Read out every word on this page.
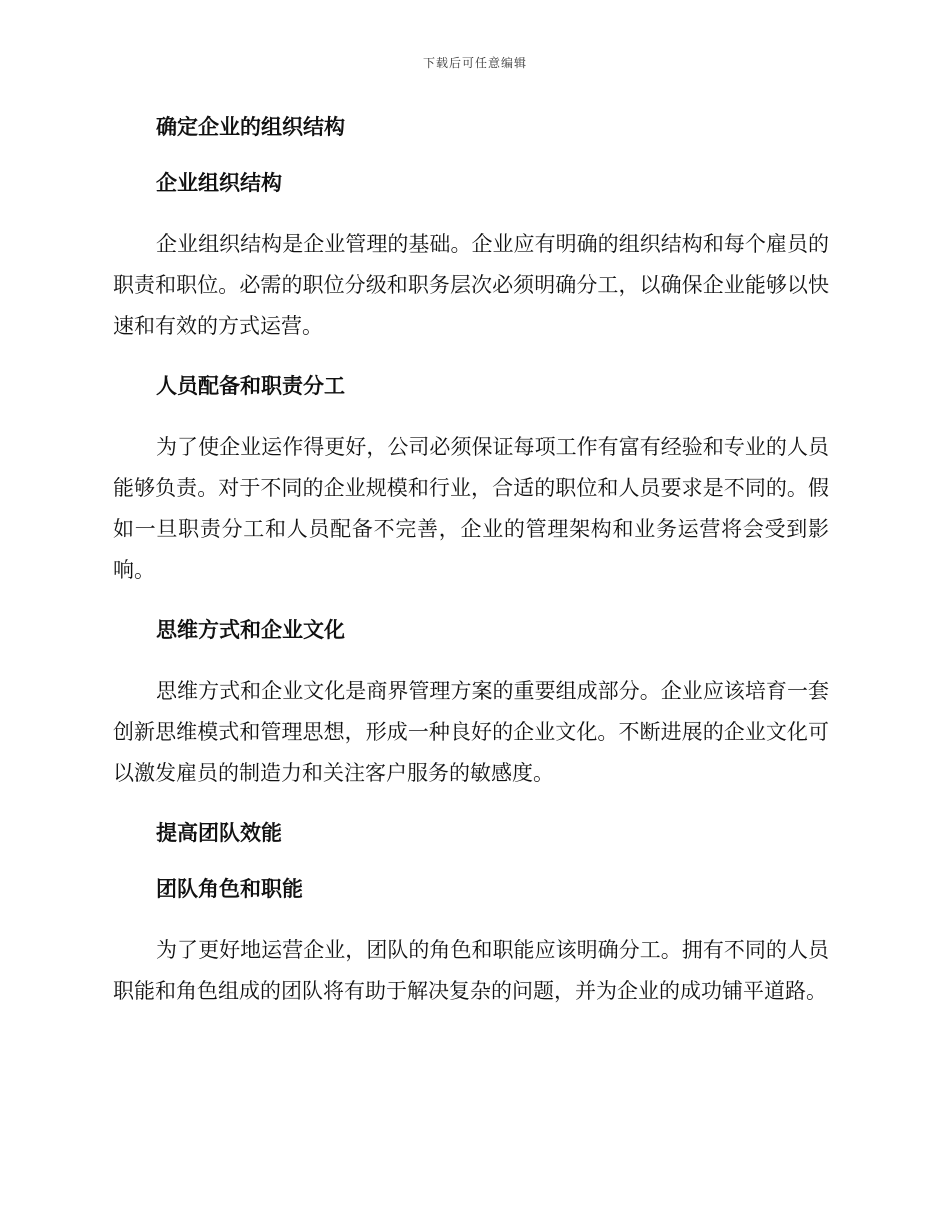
下载后可任意编辑
确定企业的组织结构
企业组织结构
企业组织结构是企业管理的基础。企业应有明确的组织结构和每个雇员的职责和职位。必需的职位分级和职务层次必须明确分工，以确保企业能够以快速和有效的方式运营。
人员配备和职责分工
为了使企业运作得更好，公司必须保证每项工作有富有经验和专业的人员能够负责。对于不同的企业规模和行业，合适的职位和人员要求是不同的。假如一旦职责分工和人员配备不完善，企业的管理架构和业务运营将会受到影响。
思维方式和企业文化
思维方式和企业文化是商界管理方案的重要组成部分。企业应该培育一套创新思维模式和管理思想，形成一种良好的企业文化。不断进展的企业文化可以激发雇员的制造力和关注客户服务的敏感度。
提高团队效能
团队角色和职能
为了更好地运营企业，团队的角色和职能应该明确分工。拥有不同的人员职能和角色组成的团队将有助于解决复杂的问题，并为企业的成功铺平道路。
